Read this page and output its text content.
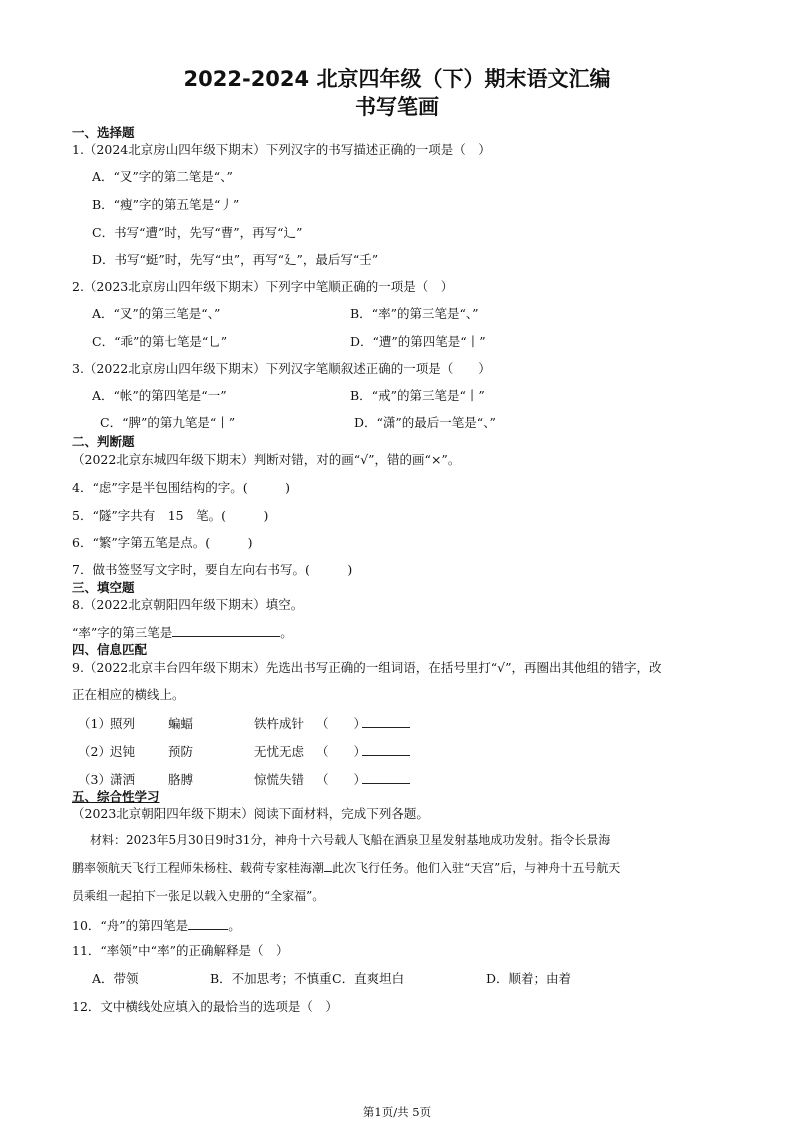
2022-2024 北京四年级（下）期末语文汇编
书写笔画
一、选择题
1.（2024北京房山四年级下期末）下列汉字的书写描述正确的一项是（　）
A．“叉”字的第二笔是“、”
B．“瘦”字的第五笔是“丿”
C．书写“遭”时，先写“曹”，再写“辶”
D．书写“蜓”时，先写“虫”，再写“廴”，最后写“壬”
2.（2023北京房山四年级下期末）下列字中笔顺正确的一项是（　）
A．“叉”的第三笔是“、”	B．“率”的第三笔是“、”
C．“乖”的第七笔是“乚”	D．“遭”的第四笔是“丨”
3.（2022北京房山四年级下期末）下列汉字笔顺叙述正确的一项是（　　）
A．“帐”的第四笔是“一”	B．“戒”的第三笔是“丨”
C．“脾”的第九笔是“丨”	D．“潇”的最后一笔是“、”
二、判断题
（2022北京东城四年级下期末）判断对错，对的画“√”，错的画“×”。
4．“虑”字是半包围结构的字。(　　　)
5．“隧”字共有　15　笔。(　　　)
6．“繁”字第五笔是点。(　　　)
7．做书签竖写文字时，要自左向右书写。(　　　)
三、填空题
8.（2022北京朝阳四年级下期末）填空。
“率”字的第三笔是	。
四、信息匹配
9.（2022北京丰台四年级下期末）先选出书写正确的一组词语，在括号里打“√”，再圈出其他组的错字，改
正在相应的横线上。
（1）照列	蝙蝠	铁杵成针 （　　）
（2）迟钝	预防	无忧无虑 （　　）
（3）潇洒	胳膊	惊慌失错 （　　）
五、综合性学习
（2023北京朝阳四年级下期末）阅读下面材料，完成下列各题。
材料：2023年5月30日9时31分，神舟十六号载人飞船在酒泉卫星发射基地成功发射。指令长景海
鹏率领航天飞行工程师朱杨柱、载荷专家桂海潮 此次飞行任务。他们入驻“天宫”后，与神舟十五号航天
员乘组一起拍下一张足以载入史册的“全家福”。
10．“舟”的第四笔是	。
11．“率领”中“率”的正确解释是（　）
A．带领	B．不加思考；不慎重 C．直爽坦白	D．顺着；由着
12．文中横线处应填入的最恰当的选项是（　）
第1页/共 5页
